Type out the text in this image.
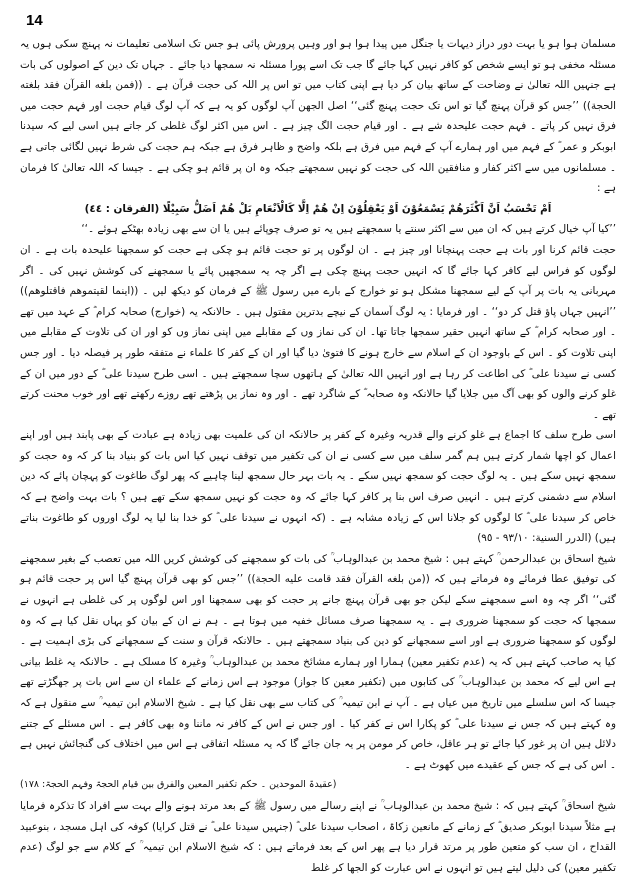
14

مسلمان ہوا ہو یا بہت دور دراز دیہات یا جنگل میں پیدا ہوا ہو اور وہیں پرورش پائی ہو جس تک اسلامی تعلیمات نہ پہنچ سکی ہوں یہ مسئلہ مخفی ہو تو ایسے شخص کو کافر نہیں کہا جائے گا جب تک اسے پورا مسئلہ نہ سمجھا دیا جائے ۔ جہاں تک دین کے اصولوں کی بات ہے جنہیں اللہ تعالیٰ نے وضاحت کے ساتھ بیان کر دیا ہے اپنی کتاب میں تو اس پر اللہ کی حجت قرآن ہے ۔ ((فمن بلغه القرآن فقد بلغته الحجة)) ’’جس کو قرآن پہنچ گیا تو اس تک حجت پہنچ گئی‘‘ اصل الجھن آپ لوگوں کو یہ ہے کہ آپ لوگ قیام حجت اور فہم حجت میں فرق نہیں کر پاتے ۔ فہم حجت علیحدہ شے ہے ۔ اور قیام حجت الگ چیز ہے ۔ اس میں اکثر لوگ غلطی کر جاتے ہیں اسی لیے کہ سیدنا ابوبکر و عمر ؓ کے فہم میں اور ہمارے آپ کے فہم میں فرق ہے بلکہ واضح و ظاہر فرق ہے جبکہ ہم حجت کی شرط نہیں لگائی جاتی ہے ۔ مسلمانوں میں سے اکثر کفار و منافقین اللہ کی حجت کو نہیں سمجھتے جبکہ وہ ان پر قائم ہو چکی ہے ۔ جیسا کہ اللہ تعالیٰ کا فرمان ہے :

اَمْ تَحْسَبُ اَنَّ اَكْثَرَهُمْ يَسْمَعُوْنَ اَوْ يَعْقِلُوْنَ اِنْ هُمْ اِلَّا كَالْاَنْعَامِ بَلْ هُمْ اَضَلُّ سَبِيْلًا (الفرقان : ٤٤)

’’کیا آپ خیال کرتے ہیں کہ ان میں سے اکثر سنتے یا سمجھتے ہیں یہ تو صرف چوپائے ہیں یا ان سے بھی زیادہ بھٹکے ہوئے ۔‘‘

حجت قائم کرنا اور بات ہے حجت پہنچانا اور چیز ہے ۔ ان لوگوں پر تو حجت قائم ہو چکی ہے حجت کو سمجھنا علیحدہ بات ہے ۔ ان لوگوں کو فراس لیے کافر کہا جائے گا کہ انہیں حجت پہنچ چکی ہے اگر چہ یہ سمجھیں پائے یا سمجھنے کی کوشش نہیں کی ۔ اگر مہربانی یہ بات پر آپ کے لیے سمجھنا مشکل ہو تو خوارج کے بارے میں رسول ﷺ کے فرمان کو دیکھ لیں ۔ ((اینما لقیتموهم فاقتلوهم)) ’’انہیں جہاں پاؤ قتل کر دو‘‘ ۔ اور فرمایا : یہ لوگ آسمان کے نیچے بدترین مقتول ہیں ۔ حالانکہ یہ (خوارج) صحابہ کرام ؓ کے عہد میں تھے ۔ اور صحابہ کرام ؓ کے ساتھ انہیں حقیر سمجھا جاتا تھا۔ ان کی نماز وں کے مقابلے میں اپنی نماز وں کو اور ان کی تلاوت کے مقابلے میں اپنی تلاوت کو ۔ اس کے باوجود ان کے اسلام سے خارج ہونے کا فتویٰ دیا گیا اور ان کے کفر کا علماء نے متفقہ طور پر فیصلہ دیا ۔ اور جس کسی نے سیدنا علی ؓ کی اطاعت کر رہا ہے اور انہیں اللہ تعالیٰ کے ہاتھوں سچا سمجھتے ہیں ۔ اسی طرح سیدنا علی ؓ کے دور میں ان کے غلو کرنے والوں کو بھی آگ میں جلایا گیا حالانکہ وہ صحابہ ؓ کے شاگرد تھے ۔ اور وہ نماز یں پڑھتے تھے روزے رکھتے تھے اور خوب محنت کرتے تھے ۔

اسی طرح سلف کا اجماع ہے غلو کرنے والے قدریہ وغیرہ کے کفر پر حالانکہ ان کی علمیت بھی زیادہ ہے عبادت کے بھی پابند ہیں اور اپنے اعمال کو اچھا شمار کرتے ہیں ہم گمر سلف میں سے کسی نے ان کی تکفیر میں توقف نہیں کیا اس بات کو بنیاد بنا کر کہ وہ حجت کو سمجھ نہیں سکے ہیں ۔ یہ لوگ حجت کو سمجھ نہیں سکے ۔ یہ بات بہر حال سمجھ لینا چاہیے کہ پھر لوگ طاغوت کو پہچان پائے کہ دین اسلام سے دشمنی کرتے ہیں ۔ انہیں صرف اس بنا پر کافر کہا جائے کہ وہ حجت کو نہیں سمجھ سکے تھے ہیں ؟ بات بہت واضح ہے کہ خاص کر سیدنا علی ؓ کا لوگوں کو جلانا اس کے زیادہ مشابہ ہے ۔ (کہ انہوں نے سیدنا علی ؓ کو خدا بنا لیا یہ لوگ اوروں کو طاغوت بناتے ہیں) (الدرر السنیة: ٩٣/١٠ - ٩٥)

شیخ اسحاق بن عبدالرحمن ؒ کہتے ہیں : شیخ محمد بن عبدالوہاب ؒ کی بات کو سمجھنے کی کوشش کریں اللہ میں تعصب کے بغیر سمجھنے کی توفیق عطا فرمائے وہ فرماتے ہیں کہ ((من بلغه القرآن فقد قامت عليه الحجة)) ’’جس کو بھی قرآن پہنچ گیا اس پر حجت قائم ہو گئی‘‘ اگر چہ وہ اسے سمجھنے سکے لیکن جو بھی قرآن پہنچ جانے پر حجت کو بھی سمجھنا اور اس لوگوں پر کی غلطی ہے انہوں نے سمجھا کہ حجت کو سمجھنا ضروری ہے ۔ یہ سمجھنا صرف مسائل خفیہ میں ہوتا ہے ۔ ہم نے ان کے بیان کو یہاں نقل کیا ہے کہ وہ لوگوں کو سمجھنا ضروری ہے اور اسے سمجھانے کو دین کی بنیاد سمجھتے ہیں ۔ حالانکہ قرآن و سنت کے سمجھانے کی بڑی اہمیت ہے ۔ کیا یہ صاحب کہتے ہیں کہ یہ (عدم تکفیر معین) ہمارا اور ہمارے مشائخ محمد بن عبدالوہاب ؒ وغیرہ کا مسلک ہے ۔ حالانکہ یہ غلط بیانی ہے اس لیے کہ محمد بن عبدالوہاب ؒ کی کتابوں میں (تکفیر معین کا جواز) موجود ہے اس زمانے کے علماء ان سے اس بات پر جھگڑتے تھے جیسا کہ اس سلسلے میں تاریخ میں عیاں ہے ۔ آپ نے ابن تیمیہ ؒ کی کتاب سے بھی نقل کیا ہے ۔ شیخ الاسلام ابن تیمیہ ؒ سے منقول ہے کہ وہ کہتے ہیں کہ جس نے سیدنا علی ؓ کو پکارا اس نے کفر کیا ۔ اور جس نے اس کے کافر نہ ماننا وہ بھی کافر ہے ۔ اس مسئلے کے جتنے دلائل ہیں ان پر غور کیا جائے تو ہر عاقل، خاص کر مومن پر یہ جان جائے گا کہ یہ مسئلہ اتفاقی ہے اس میں اختلاف کی گنجائش نہیں ہے ۔ اس کی ہے کہ جس کے عقیدے میں کھوٹ ہے ۔

(عقیدۃ الموحدین ۔ حکم تکفیر المعین والفرق بین قیام الحجۃ وفہم الحجۃ: ١٧٨)

شیخ اسحاق ؒ کہتے ہیں کہ : شیخ محمد بن عبدالوہاب ؒ نے اپنے رسالے میں رسول ﷺ کے بعد مرتد ہونے والے بہت سے افراد کا تذکرہ فرمایا ہے مثلاً سیدنا ابوبکر صدیق ؓ کے زمانے کے مانعین زکاۃ ، اصحاب سیدنا علی ؓ (جنہیں سیدنا علی ؓ نے قتل کرایا) کوفہ کی اہل مسجد ، بنوعبید القداح ، ان سب کو متعین طور پر مرتد قرار دیا ہے پھر اس کے بعد فرماتے ہیں : کہ شیخ الاسلام ابن تیمیہ ؒ کے کلام سے جو لوگ (عدم تکفیر معین) کی دلیل لیتے ہیں تو انہوں نے اس عبارت کو الجھا کر غلط
